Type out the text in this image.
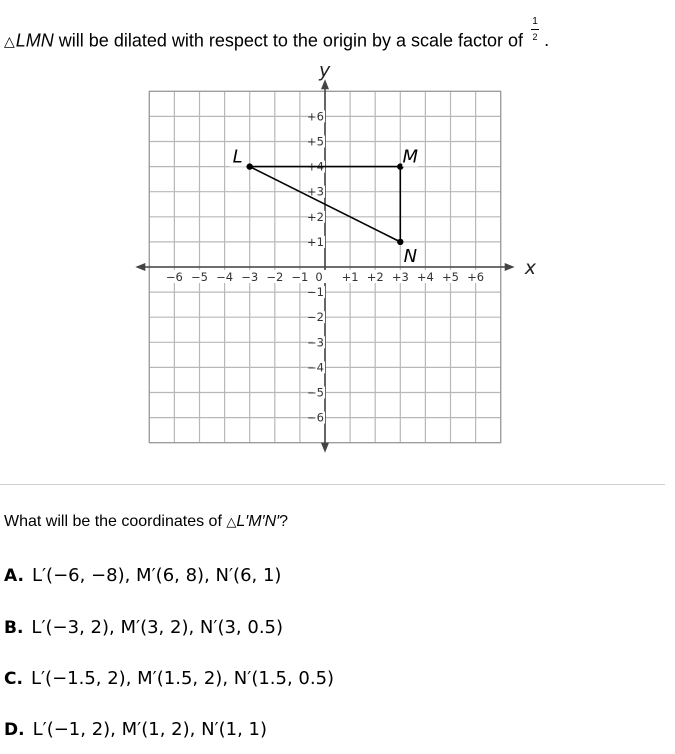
△LMN will be dilated with respect to the origin by a scale factor of $\frac{1}{2}$ .
−6 −5 −4 −3 −2 −1 0 +1 +2 +3 +4 +5 +6
+6
+5
+4
+3
+2
+1
−1
−2
−3
−4
−5
−6
L	M
N
x
y
What will be the coordinates of △L′M′N′?
A. L′(−6, −8), M′(6, 8), N′(6, 1)
B. L′(−3, 2), M′(3, 2), N′(3, 0.5)
C. L′(−1.5, 2), M′(1.5, 2), N′(1.5, 0.5)
D. L′(−1, 2), M′(1, 2), N′(1, 1)
